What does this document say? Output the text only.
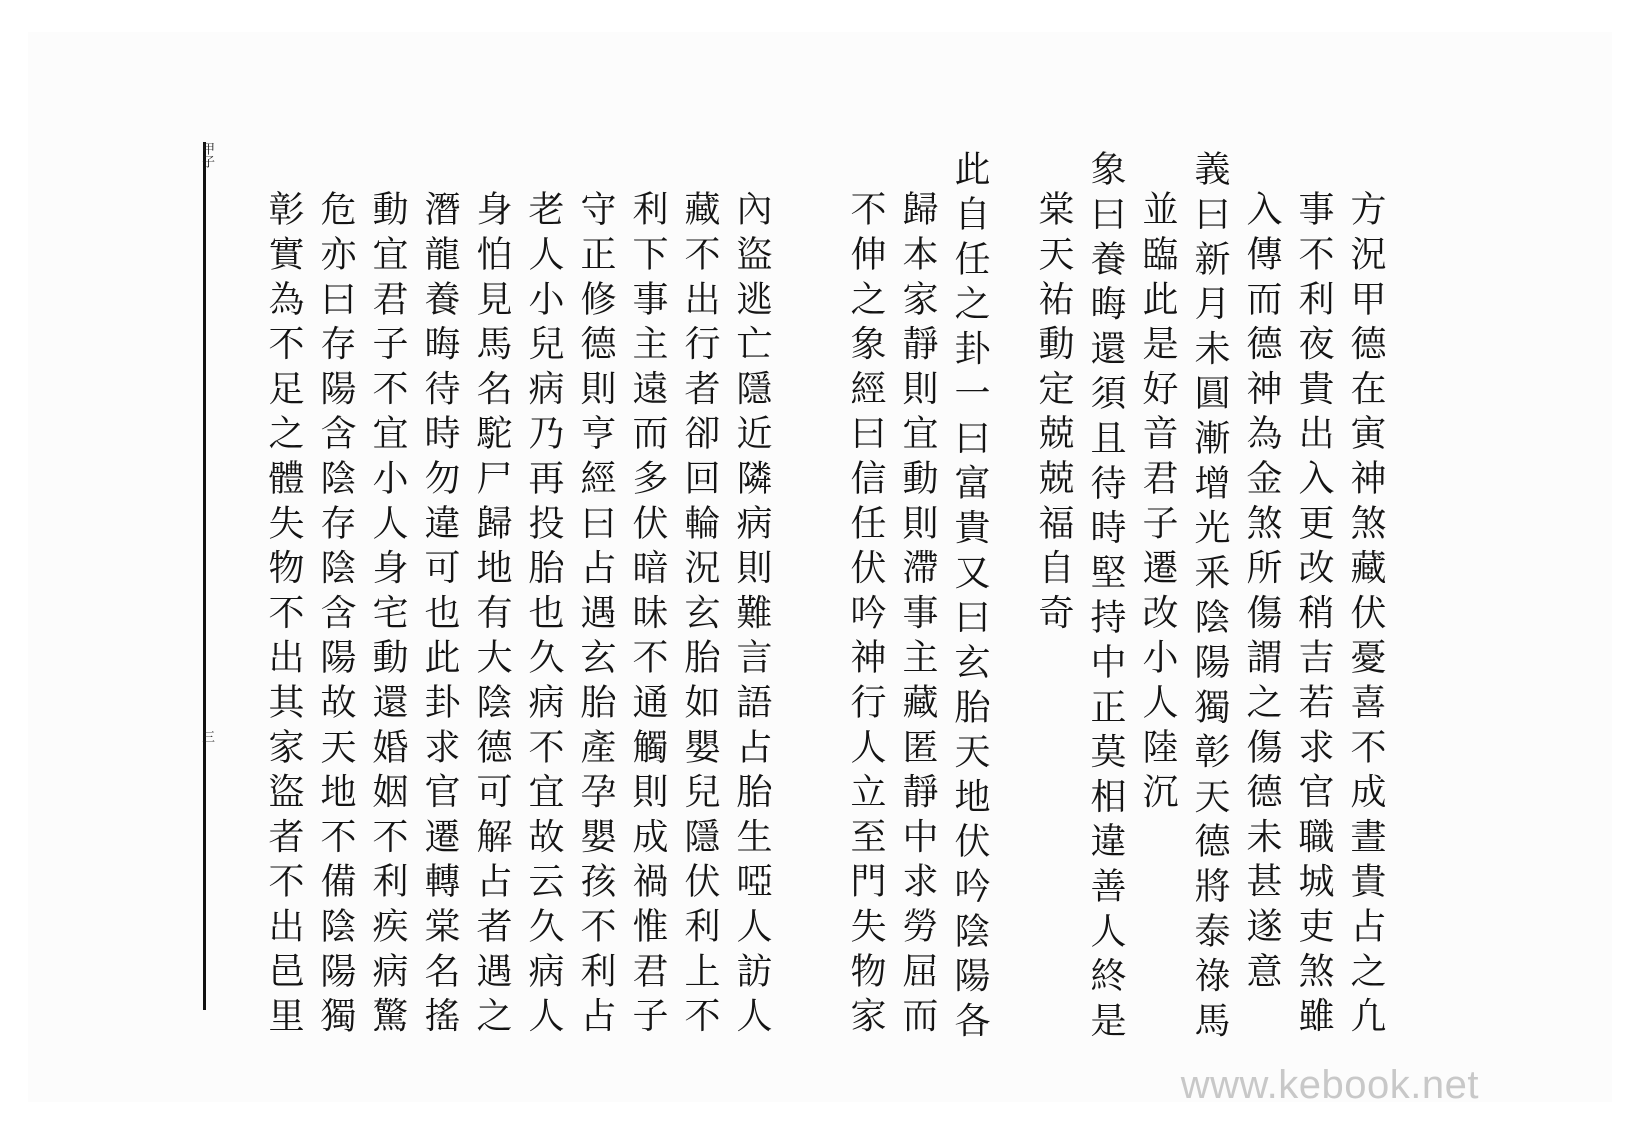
甲子
三	方況甲德在寅神煞藏伏憂喜不成晝貴占之凢
事不利夜貴出入更改稍吉若求官職城吏煞雖
入傳而德神為金煞所傷謂之傷德未甚遂意
義曰新月未圓漸增光釆陰陽獨彰天德將泰祿馬
並臨此是好音君子遷改小人陸沉
象曰養晦還須且待時堅持中正莫相違善人終是
棠天祐動定兢兢福自奇
此自任之卦一曰富貴又曰玄胎天地伏吟陰陽各
歸本家靜則宜動則滯事主藏匿靜中求勞屈而
不伸之象經曰信任伏吟神行人立至門失物家
內盜逃亡隱近隣病則難言語占胎生啞人訪人
藏不出行者卻回輪況玄胎如嬰兒隱伏利上不
利下事主遠而多伏暗昧不通觸則成禍惟君子
守正修德則亨經曰占遇玄胎產孕嬰孩不利占
老人小兒病乃再投胎也久病不宜故云久病人
身怕見馬名駝尸歸地有大陰德可解占者遇之
潛龍養晦待時勿違可也此卦求官遷轉棠名搖
動宜君子不宜小人身宅動還婚姻不利疾病驚
危亦曰存陽含陰存陰含陽故天地不備陰陽獨
彰實為不足之體失物不出其家盜者不出邑里
www.kebook.net
